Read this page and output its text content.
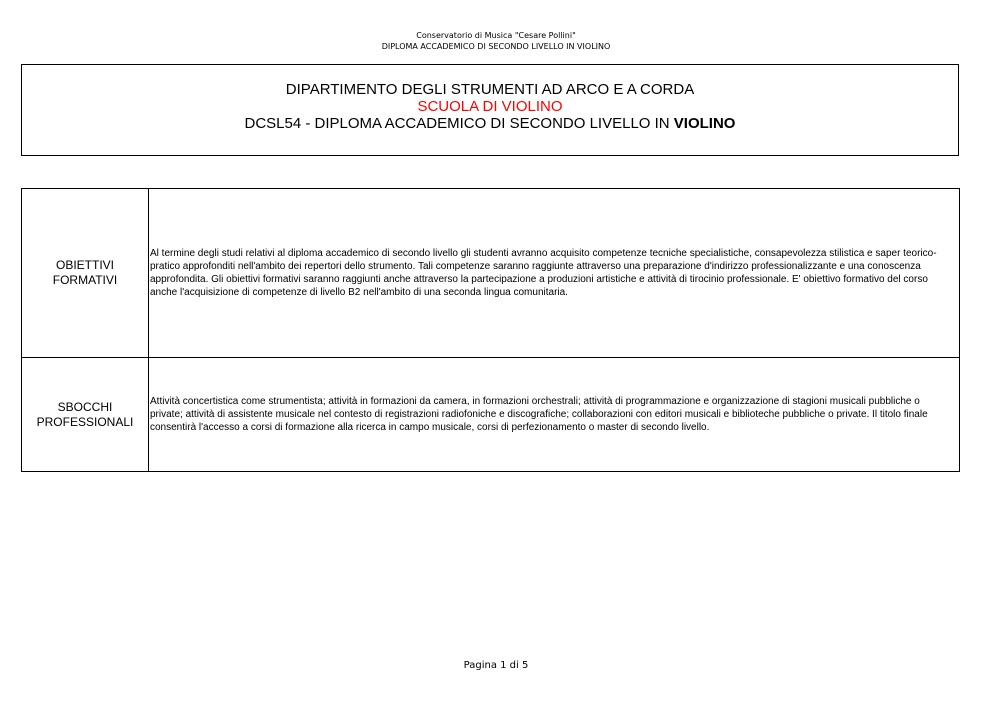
Conservatorio di Musica "Cesare Pollini"
DIPLOMA ACCADEMICO DI SECONDO LIVELLO IN VIOLINO
DIPARTIMENTO DEGLI STRUMENTI AD ARCO E A CORDA
SCUOLA DI VIOLINO
DCSL54 - DIPLOMA ACCADEMICO DI SECONDO LIVELLO IN VIOLINO
OBIETTIVI
FORMATIVI	Al termine degli studi relativi al diploma accademico di secondo livello gli studenti avranno acquisito competenze tecniche specialistiche, consapevolezza stilistica e saper teorico-pratico approfonditi nell'ambito dei repertori dello strumento. Tali competenze saranno raggiunte attraverso una preparazione d'indirizzo professionalizzante e una conoscenza approfondita. Gli obiettivi formativi saranno raggiunti anche attraverso la partecipazione a produzioni artistiche e attività di tirocinio professionale. E' obiettivo formativo del corso anche l'acquisizione di competenze di livello B2 nell'ambito di una seconda lingua comunitaria.

SBOCCHI
PROFESSIONALI	Attività concertistica come strumentista; attività in formazioni da camera, in formazioni orchestrali; attività di programmazione e organizzazione di stagioni musicali pubbliche o private; attività di assistente musicale nel contesto di registrazioni radiofoniche e discografiche; collaborazioni con editori musicali e biblioteche pubbliche o private. Il titolo finale consentirà l'accesso a corsi di formazione alla ricerca in campo musicale, corsi di perfezionamento o master di secondo livello.
Pagina 1 di 5
